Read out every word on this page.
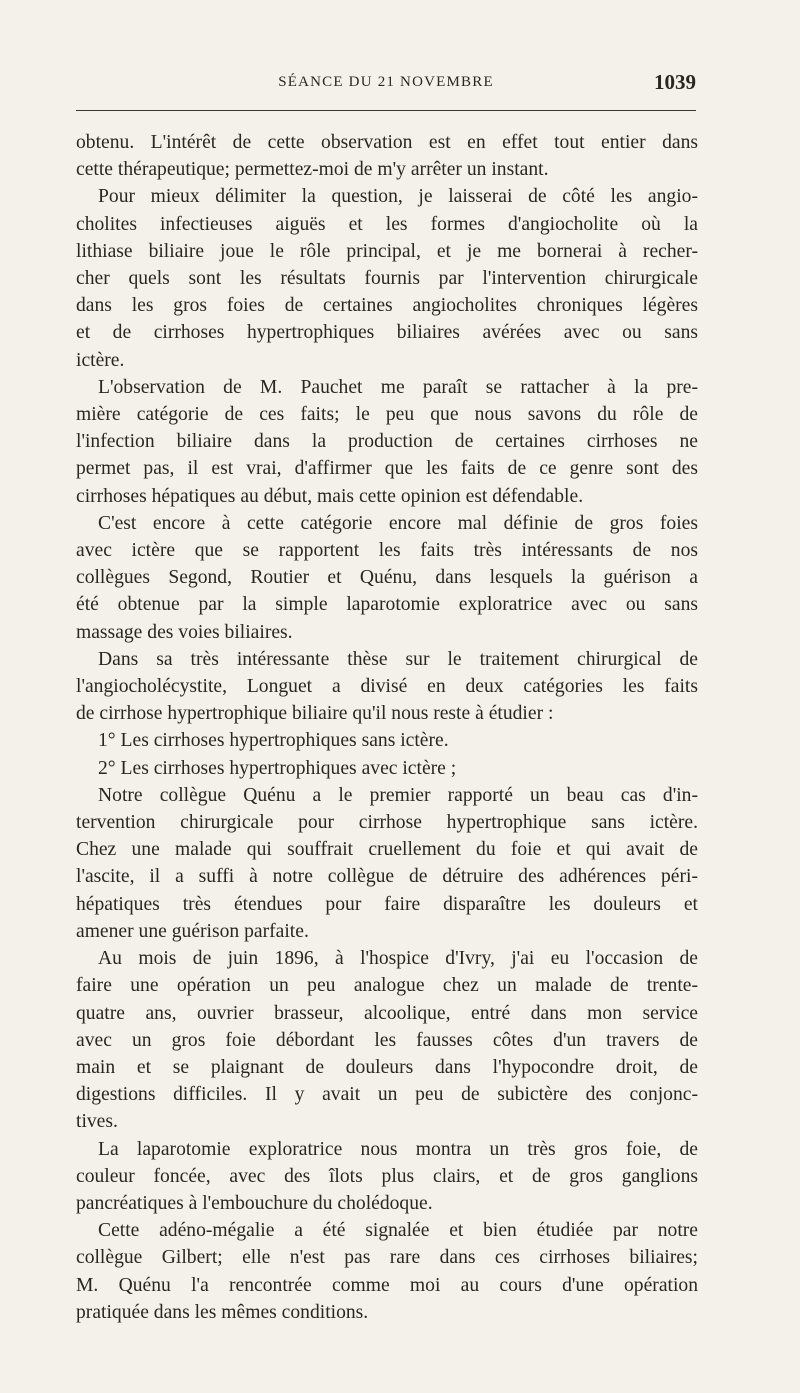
SÉANCE DU 21 NOVEMBRE	1039

obtenu. L'intérêt de cette observation est en effet tout entier dans
cette thérapeutique; permettez-moi de m'y arrêter un instant.

Pour mieux délimiter la question, je laisserai de côté les angio-
cholites infectieuses aiguës et les formes d'angiocholite où la
lithiase biliaire joue le rôle principal, et je me bornerai à recher-
cher quels sont les résultats fournis par l'intervention chirurgicale
dans les gros foies de certaines angiocholites chroniques légères
et de cirrhoses hypertrophiques biliaires avérées avec ou sans
ictère.

L'observation de M. Pauchet me paraît se rattacher à la pre-
mière catégorie de ces faits; le peu que nous savons du rôle de
l'infection biliaire dans la production de certaines cirrhoses ne
permet pas, il est vrai, d'affirmer que les faits de ce genre sont des
cirrhoses hépatiques au début, mais cette opinion est défendable.

C'est encore à cette catégorie encore mal définie de gros foies
avec ictère que se rapportent les faits très intéressants de nos
collègues Segond, Routier et Quénu, dans lesquels la guérison a
été obtenue par la simple laparotomie exploratrice avec ou sans
massage des voies biliaires.

Dans sa très intéressante thèse sur le traitement chirurgical de
l'angiocholécystite, Longuet a divisé en deux catégories les faits
de cirrhose hypertrophique biliaire qu'il nous reste à étudier :

1° Les cirrhoses hypertrophiques sans ictère.

2° Les cirrhoses hypertrophiques avec ictère ;

Notre collègue Quénu a le premier rapporté un beau cas d'in-
tervention chirurgicale pour cirrhose hypertrophique sans ictère.
Chez une malade qui souffrait cruellement du foie et qui avait de
l'ascite, il a suffi à notre collègue de détruire des adhérences péri-
hépatiques très étendues pour faire disparaître les douleurs et
amener une guérison parfaite.

Au mois de juin 1896, à l'hospice d'Ivry, j'ai eu l'occasion de
faire une opération un peu analogue chez un malade de trente-
quatre ans, ouvrier brasseur, alcoolique, entré dans mon service
avec un gros foie débordant les fausses côtes d'un travers de
main et se plaignant de douleurs dans l'hypocondre droit, de
digestions difficiles. Il y avait un peu de subictère des conjonc-
tives.

La laparotomie exploratrice nous montra un très gros foie, de
couleur foncée, avec des îlots plus clairs, et de gros ganglions
pancréatiques à l'embouchure du cholédoque.

Cette adéno-mégalie a été signalée et bien étudiée par notre
collègue Gilbert; elle n'est pas rare dans ces cirrhoses biliaires;
M. Quénu l'a rencontrée comme moi au cours d'une opération
pratiquée dans les mêmes conditions.
